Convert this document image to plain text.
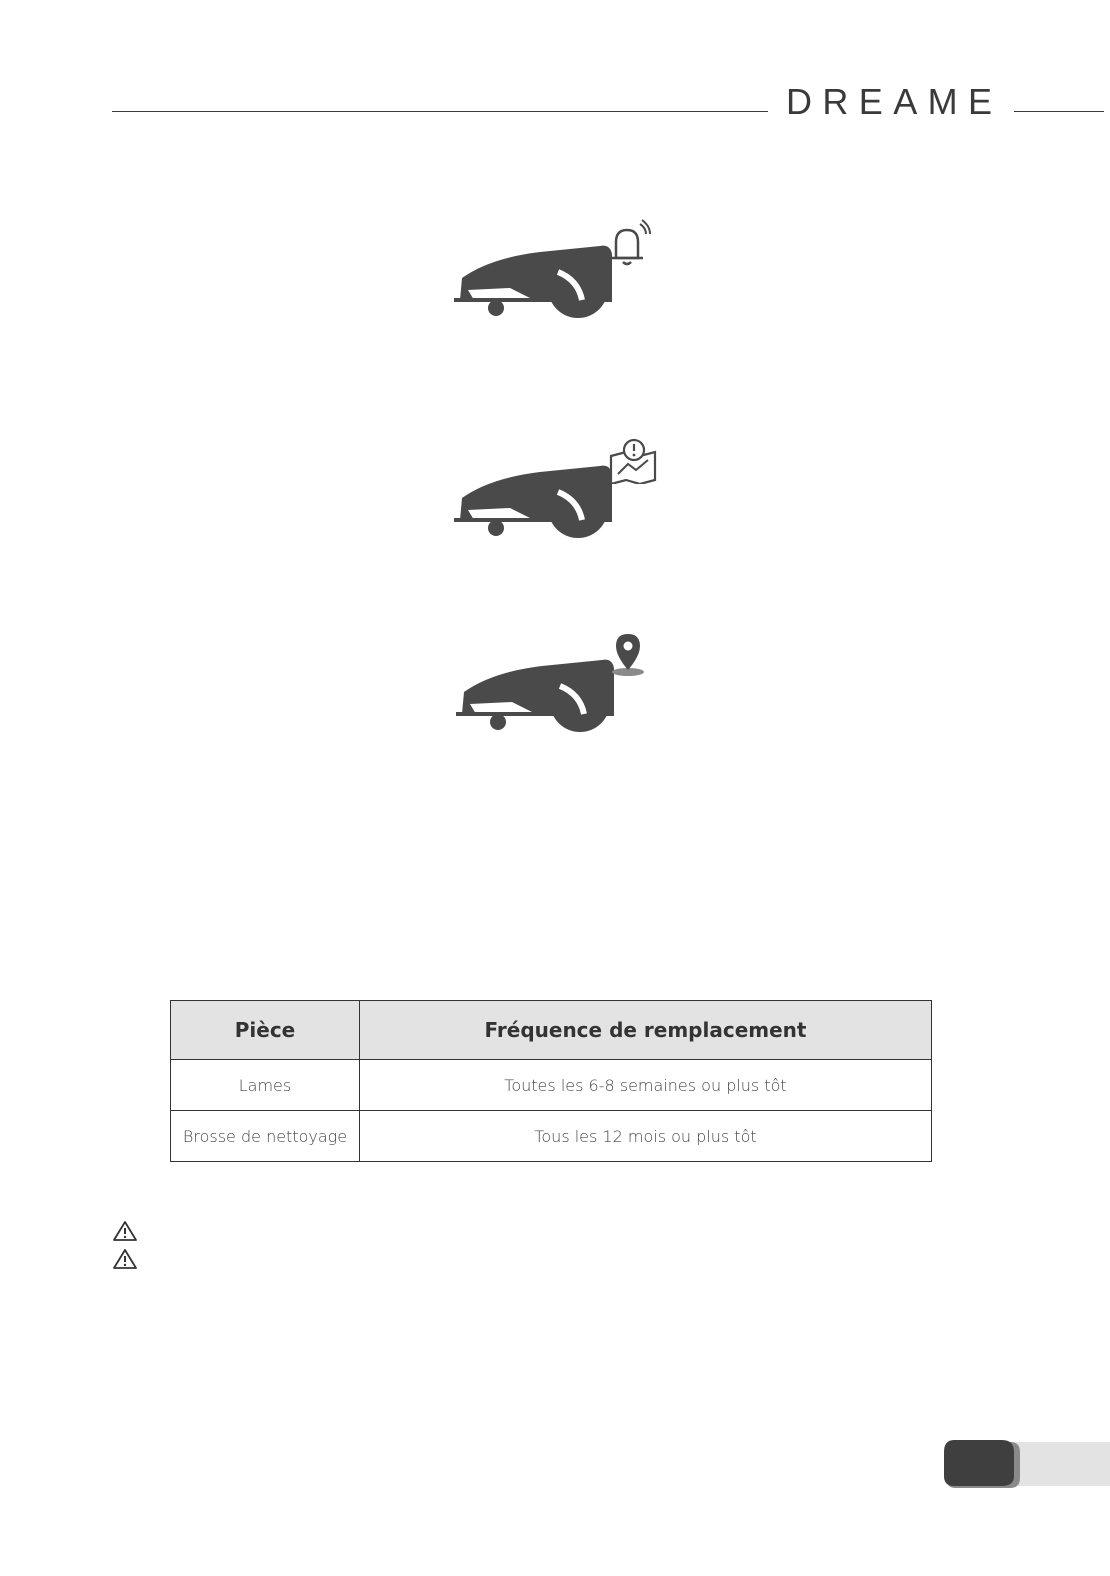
D R E A M E
Pièce	Fréquence de remplacement
Lames	Toutes les 6-8 semaines ou plus tôt
Brosse de nettoyage	Tous les 12 mois ou plus tôt
